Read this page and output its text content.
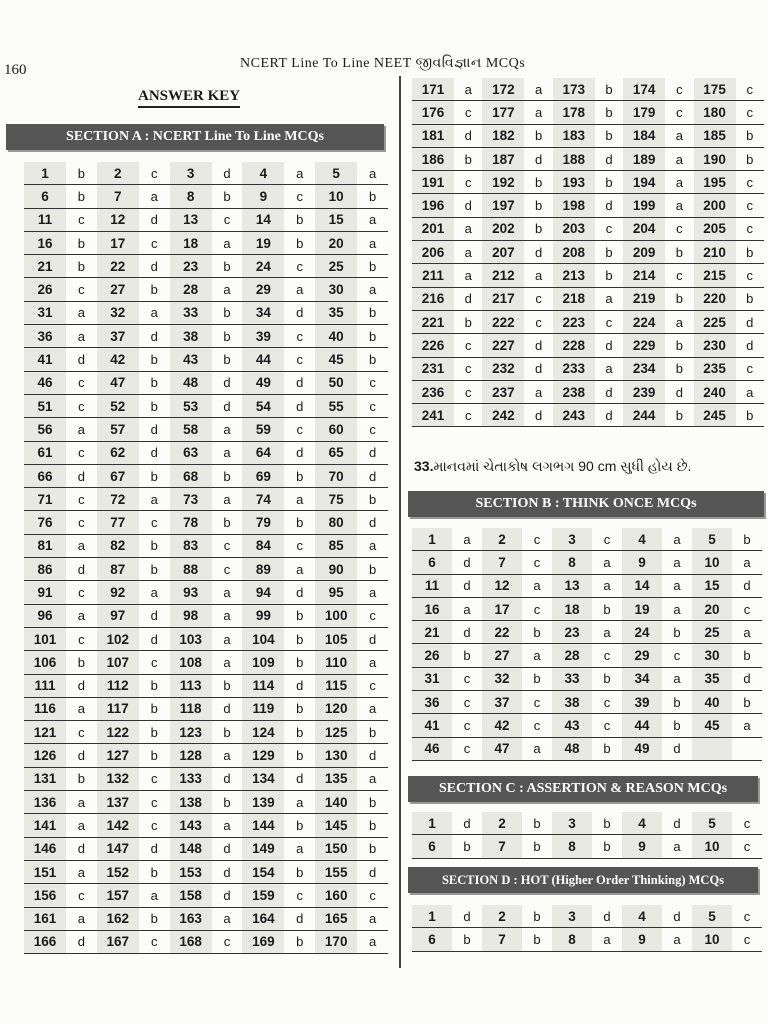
160	NCERT Line To Line NEET જીવવિજ્ઞાન MCQs
ANSWER KEY
SECTION A : NCERT Line To Line MCQs
1	b	2	c	3	d	4	a	5	a
6	b	7	a	8	b	9	c	10	b
11	c	12	d	13	c	14	b	15	a
16	b	17	c	18	a	19	b	20	a
21	b	22	d	23	b	24	c	25	b
26	c	27	b	28	a	29	a	30	a
31	a	32	a	33	b	34	d	35	b
36	a	37	d	38	b	39	c	40	b
41	d	42	b	43	b	44	c	45	b
46	c	47	b	48	d	49	d	50	c
51	c	52	b	53	d	54	d	55	c
56	a	57	d	58	a	59	c	60	c
61	c	62	d	63	a	64	d	65	d
66	d	67	b	68	b	69	b	70	d
71	c	72	a	73	a	74	a	75	b
76	c	77	c	78	b	79	b	80	d
81	a	82	b	83	c	84	c	85	a
86	d	87	b	88	c	89	a	90	b
91	c	92	a	93	a	94	d	95	a
96	a	97	d	98	a	99	b	100	c
101	c	102	d	103	a	104	b	105	d
106	b	107	c	108	a	109	b	110	a
111	d	112	b	113	b	114	d	115	c
116	a	117	b	118	d	119	b	120	a
121	c	122	b	123	b	124	b	125	b
126	d	127	b	128	a	129	b	130	d
131	b	132	c	133	d	134	d	135	a
136	a	137	c	138	b	139	a	140	b
141	a	142	c	143	a	144	b	145	b
146	d	147	d	148	d	149	a	150	b
151	a	152	b	153	d	154	b	155	d
156	c	157	a	158	d	159	c	160	c
161	a	162	b	163	a	164	d	165	a
166	d	167	c	168	c	169	b	170	a
171	a	172	a	173	b	174	c	175	c
176	c	177	a	178	b	179	c	180	c
181	d	182	b	183	b	184	a	185	b
186	b	187	d	188	d	189	a	190	b
191	c	192	b	193	b	194	a	195	c
196	d	197	b	198	d	199	a	200	c
201	a	202	b	203	c	204	c	205	c
206	a	207	d	208	b	209	b	210	b
211	a	212	a	213	b	214	c	215	c
216	d	217	c	218	a	219	b	220	b
221	b	222	c	223	c	224	a	225	d
226	c	227	d	228	d	229	b	230	d
231	c	232	d	233	a	234	b	235	c
236	c	237	a	238	d	239	d	240	a
241	c	242	d	243	d	244	b	245	b
33.માનવમાં ચેતાકોષ લગભગ 90 cm સુધી હોય છે.
SECTION B : THINK ONCE MCQs
1	a	2	c	3	c	4	a	5	b
6	d	7	c	8	a	9	a	10	a
11	d	12	a	13	a	14	a	15	d
16	a	17	c	18	b	19	a	20	c
21	d	22	b	23	a	24	b	25	a
26	b	27	a	28	c	29	c	30	b
31	c	32	b	33	b	34	a	35	d
36	c	37	c	38	c	39	b	40	b
41	c	42	c	43	c	44	b	45	a
46	c	47	a	48	b	49	d		
SECTION C : ASSERTION & REASON MCQs
1	d	2	b	3	b	4	d	5	c
6	b	7	b	8	b	9	a	10	c
SECTION D : HOT (Higher Order Thinking) MCQs
1	d	2	b	3	d	4	d	5	c
6	b	7	b	8	a	9	a	10	c
